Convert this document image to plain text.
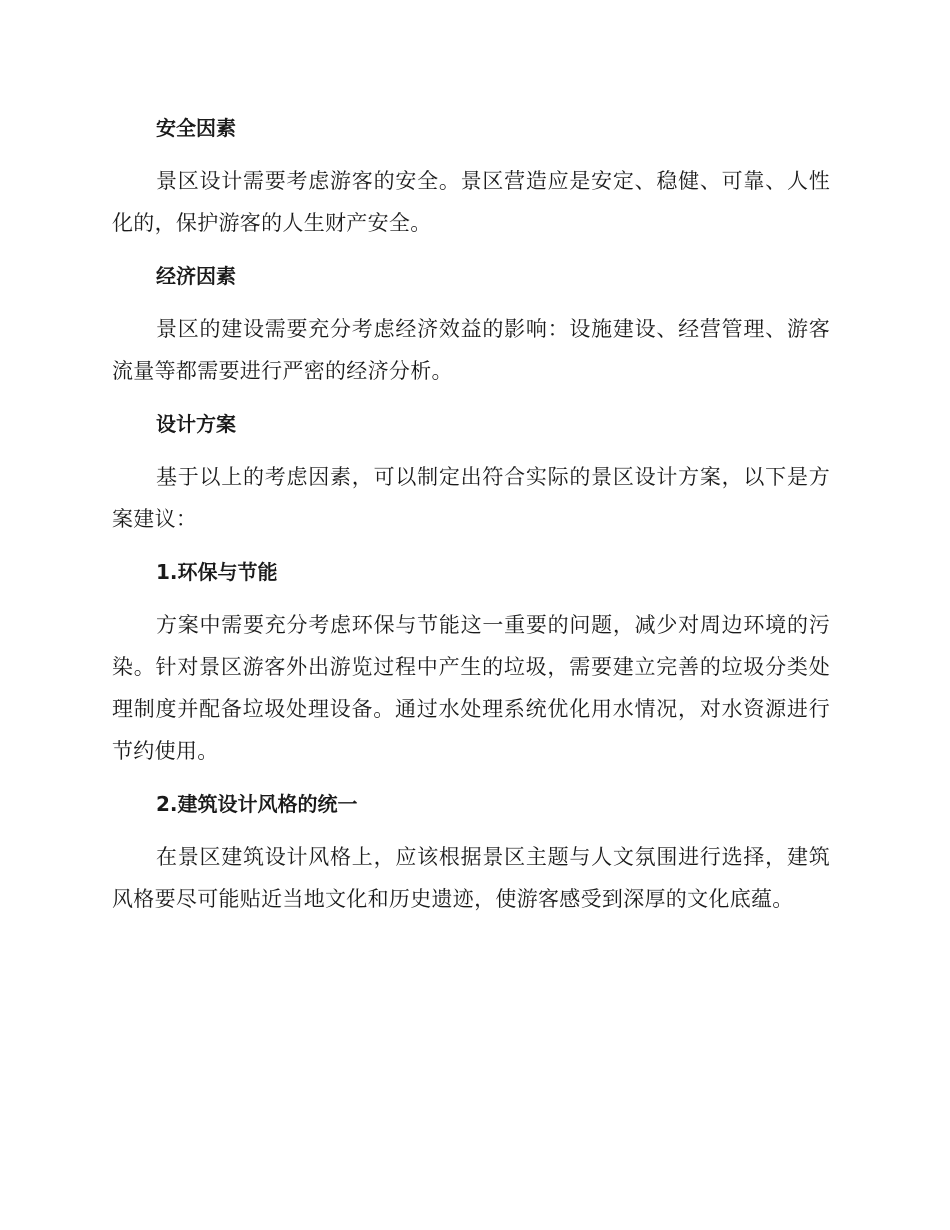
安全因素

景区设计需要考虑游客的安全。景区营造应是安定、稳健、可靠、人性化的，保护游客的人生财产安全。

经济因素

景区的建设需要充分考虑经济效益的影响：设施建设、经营管理、游客流量等都需要进行严密的经济分析。

设计方案

基于以上的考虑因素，可以制定出符合实际的景区设计方案，以下是方案建议：

1.环保与节能

方案中需要充分考虑环保与节能这一重要的问题，减少对周边环境的污染。针对景区游客外出游览过程中产生的垃圾，需要建立完善的垃圾分类处理制度并配备垃圾处理设备。通过水处理系统优化用水情况，对水资源进行节约使用。

2.建筑设计风格的统一

在景区建筑设计风格上，应该根据景区主题与人文氛围进行选择，建筑风格要尽可能贴近当地文化和历史遗迹，使游客感受到深厚的文化底蕴。
